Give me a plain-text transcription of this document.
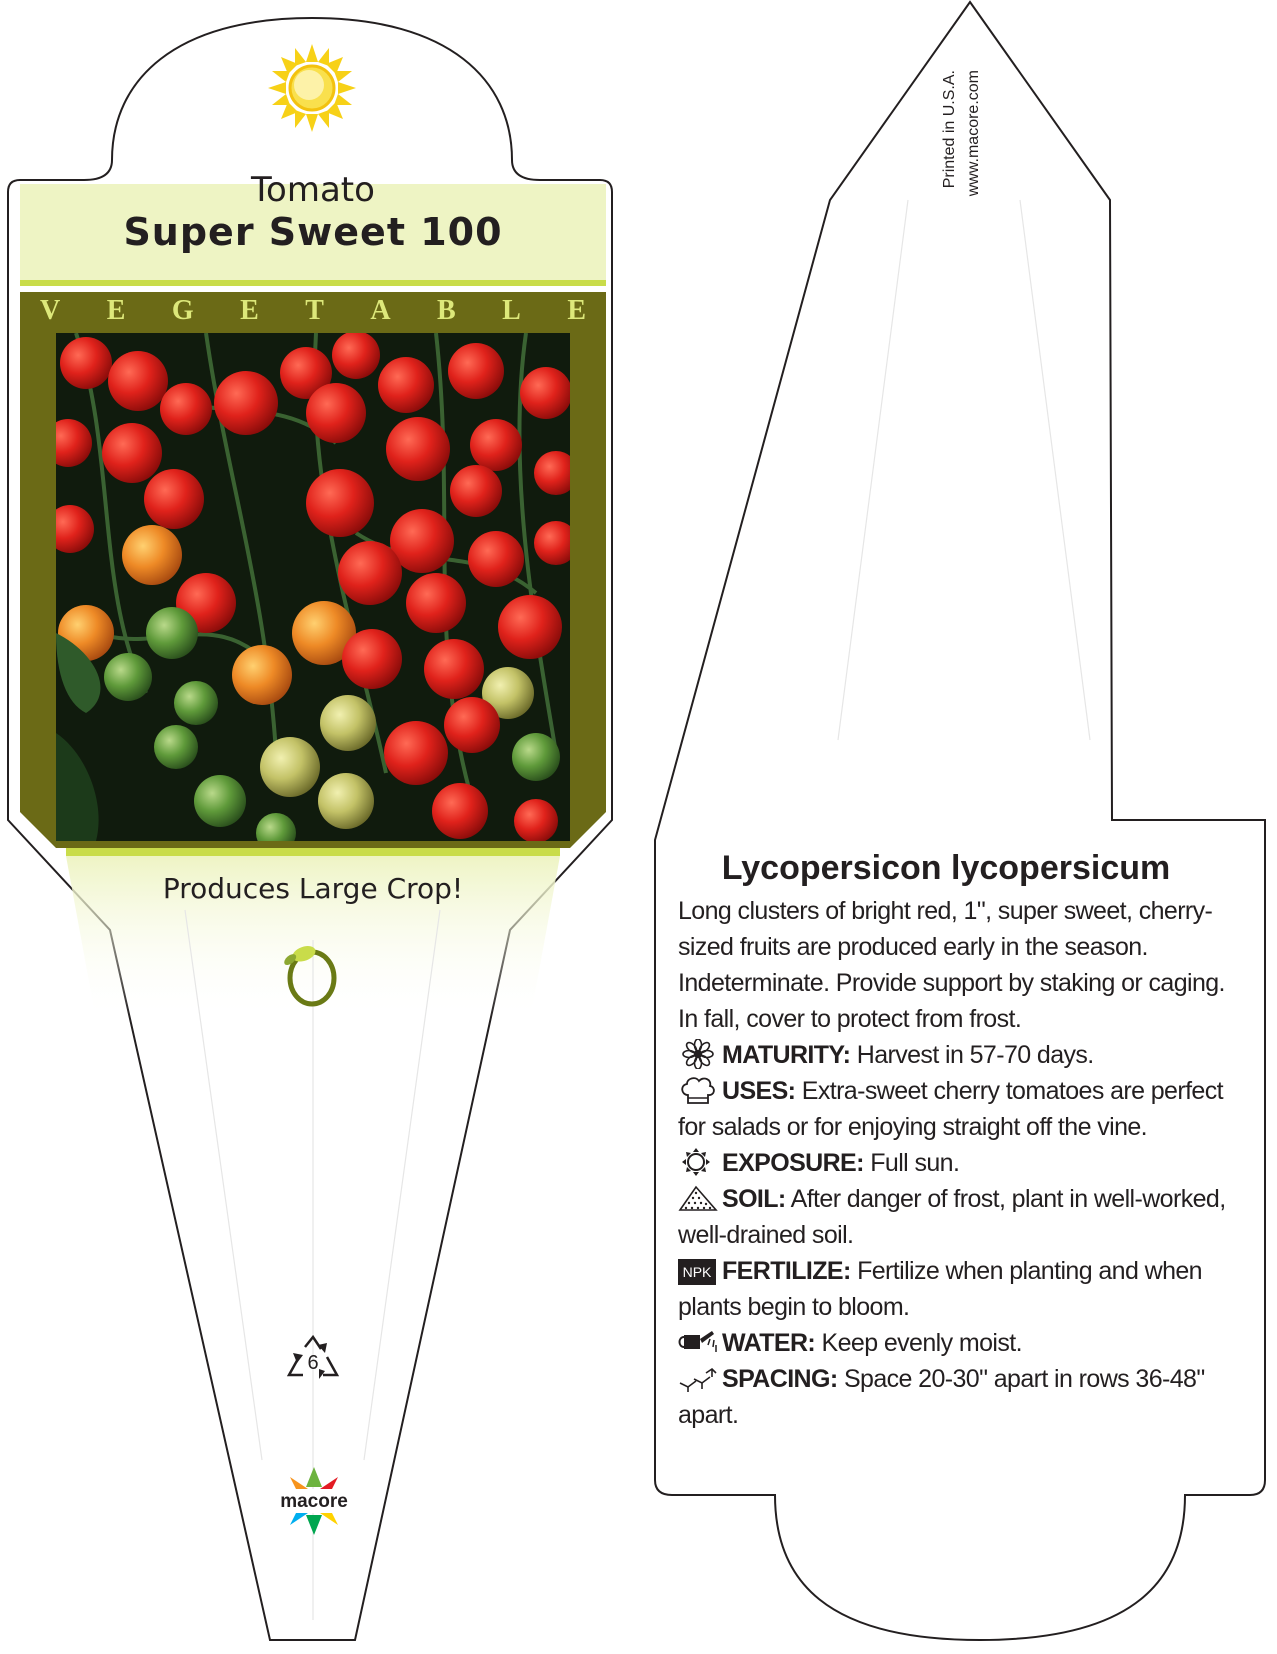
Tomato
Super Sweet 100
V E G E T A B L E
Produces Large Crop!
6
macore
Printed in U.S.A. www.macore.com
Lycopersicon lycopersicum

Long clusters of bright red, 1", super sweet, cherry-sized fruits are produced early in the season. Indeterminate. Provide support by staking or caging. In fall, cover to protect from frost.

MATURITY: Harvest in 57-70 days.

USES: Extra-sweet cherry tomatoes are perfect for salads or for enjoying straight off the vine.

EXPOSURE: Full sun.

SOIL: After danger of frost, plant in well-worked, well-drained soil.

NPK FERTILIZE: Fertilize when planting and when plants begin to bloom.

WATER: Keep evenly moist.

SPACING: Space 20-30" apart in rows 36-48" apart.
